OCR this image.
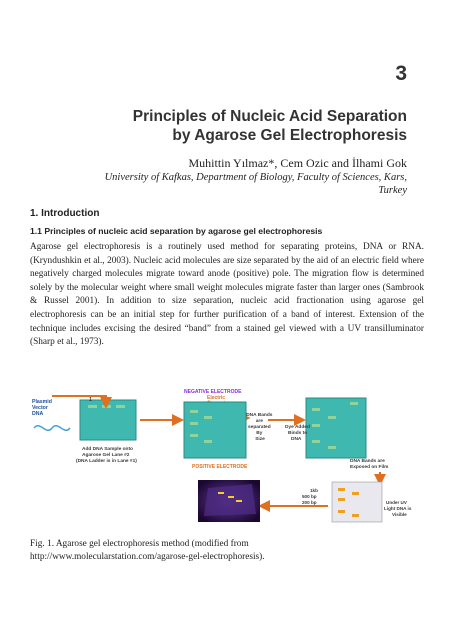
3
Principles of Nucleic Acid Separation
by Agarose Gel Electrophoresis
Muhittin Yılmaz*, Cem Ozic and İlhami Gok
University of Kafkas, Department of Biology, Faculty of Sciences, Kars,
Turkey
1. Introduction
1.1 Principles of nucleic acid separation by agarose gel electrophoresis
Agarose gel electrophoresis is a routinely used method for separating proteins, DNA or RNA. (Kryndushkin et al., 2003). Nucleic acid molecules are size separated by the aid of an electric field where negatively charged molecules migrate toward anode (positive) pole. The migration flow is determined solely by the molecular weight where small weight molecules migrate faster than larger ones (Sambrook & Russel 2001). In addition to size separation, nucleic acid fractionation using agarose gel electrophoresis can be an initial step for further purification of a band of interest. Extension of the technique includes excising the desired “band” from a stained gel viewed with a UV transilluminator (Sharp et al., 1973).
1
Plasmid Vector DNA
Add DNA Sample onto Agarose Gel Lane #2 (DNA Ladder is in Lane #1)
NEGATIVE ELECTRODE
Electric
POSITIVE ELECTRODE
DNA Bands are separated By Size
Dye Added Binds to DNA
DNA Bands are Exposed on Film
1kb 500 bp 200 bp	Under UV Light DNA is Visible
Fig. 1. Agarose gel electrophoresis method (modified from
http://www.molecularstation.com/agarose-gel-electrophoresis).
